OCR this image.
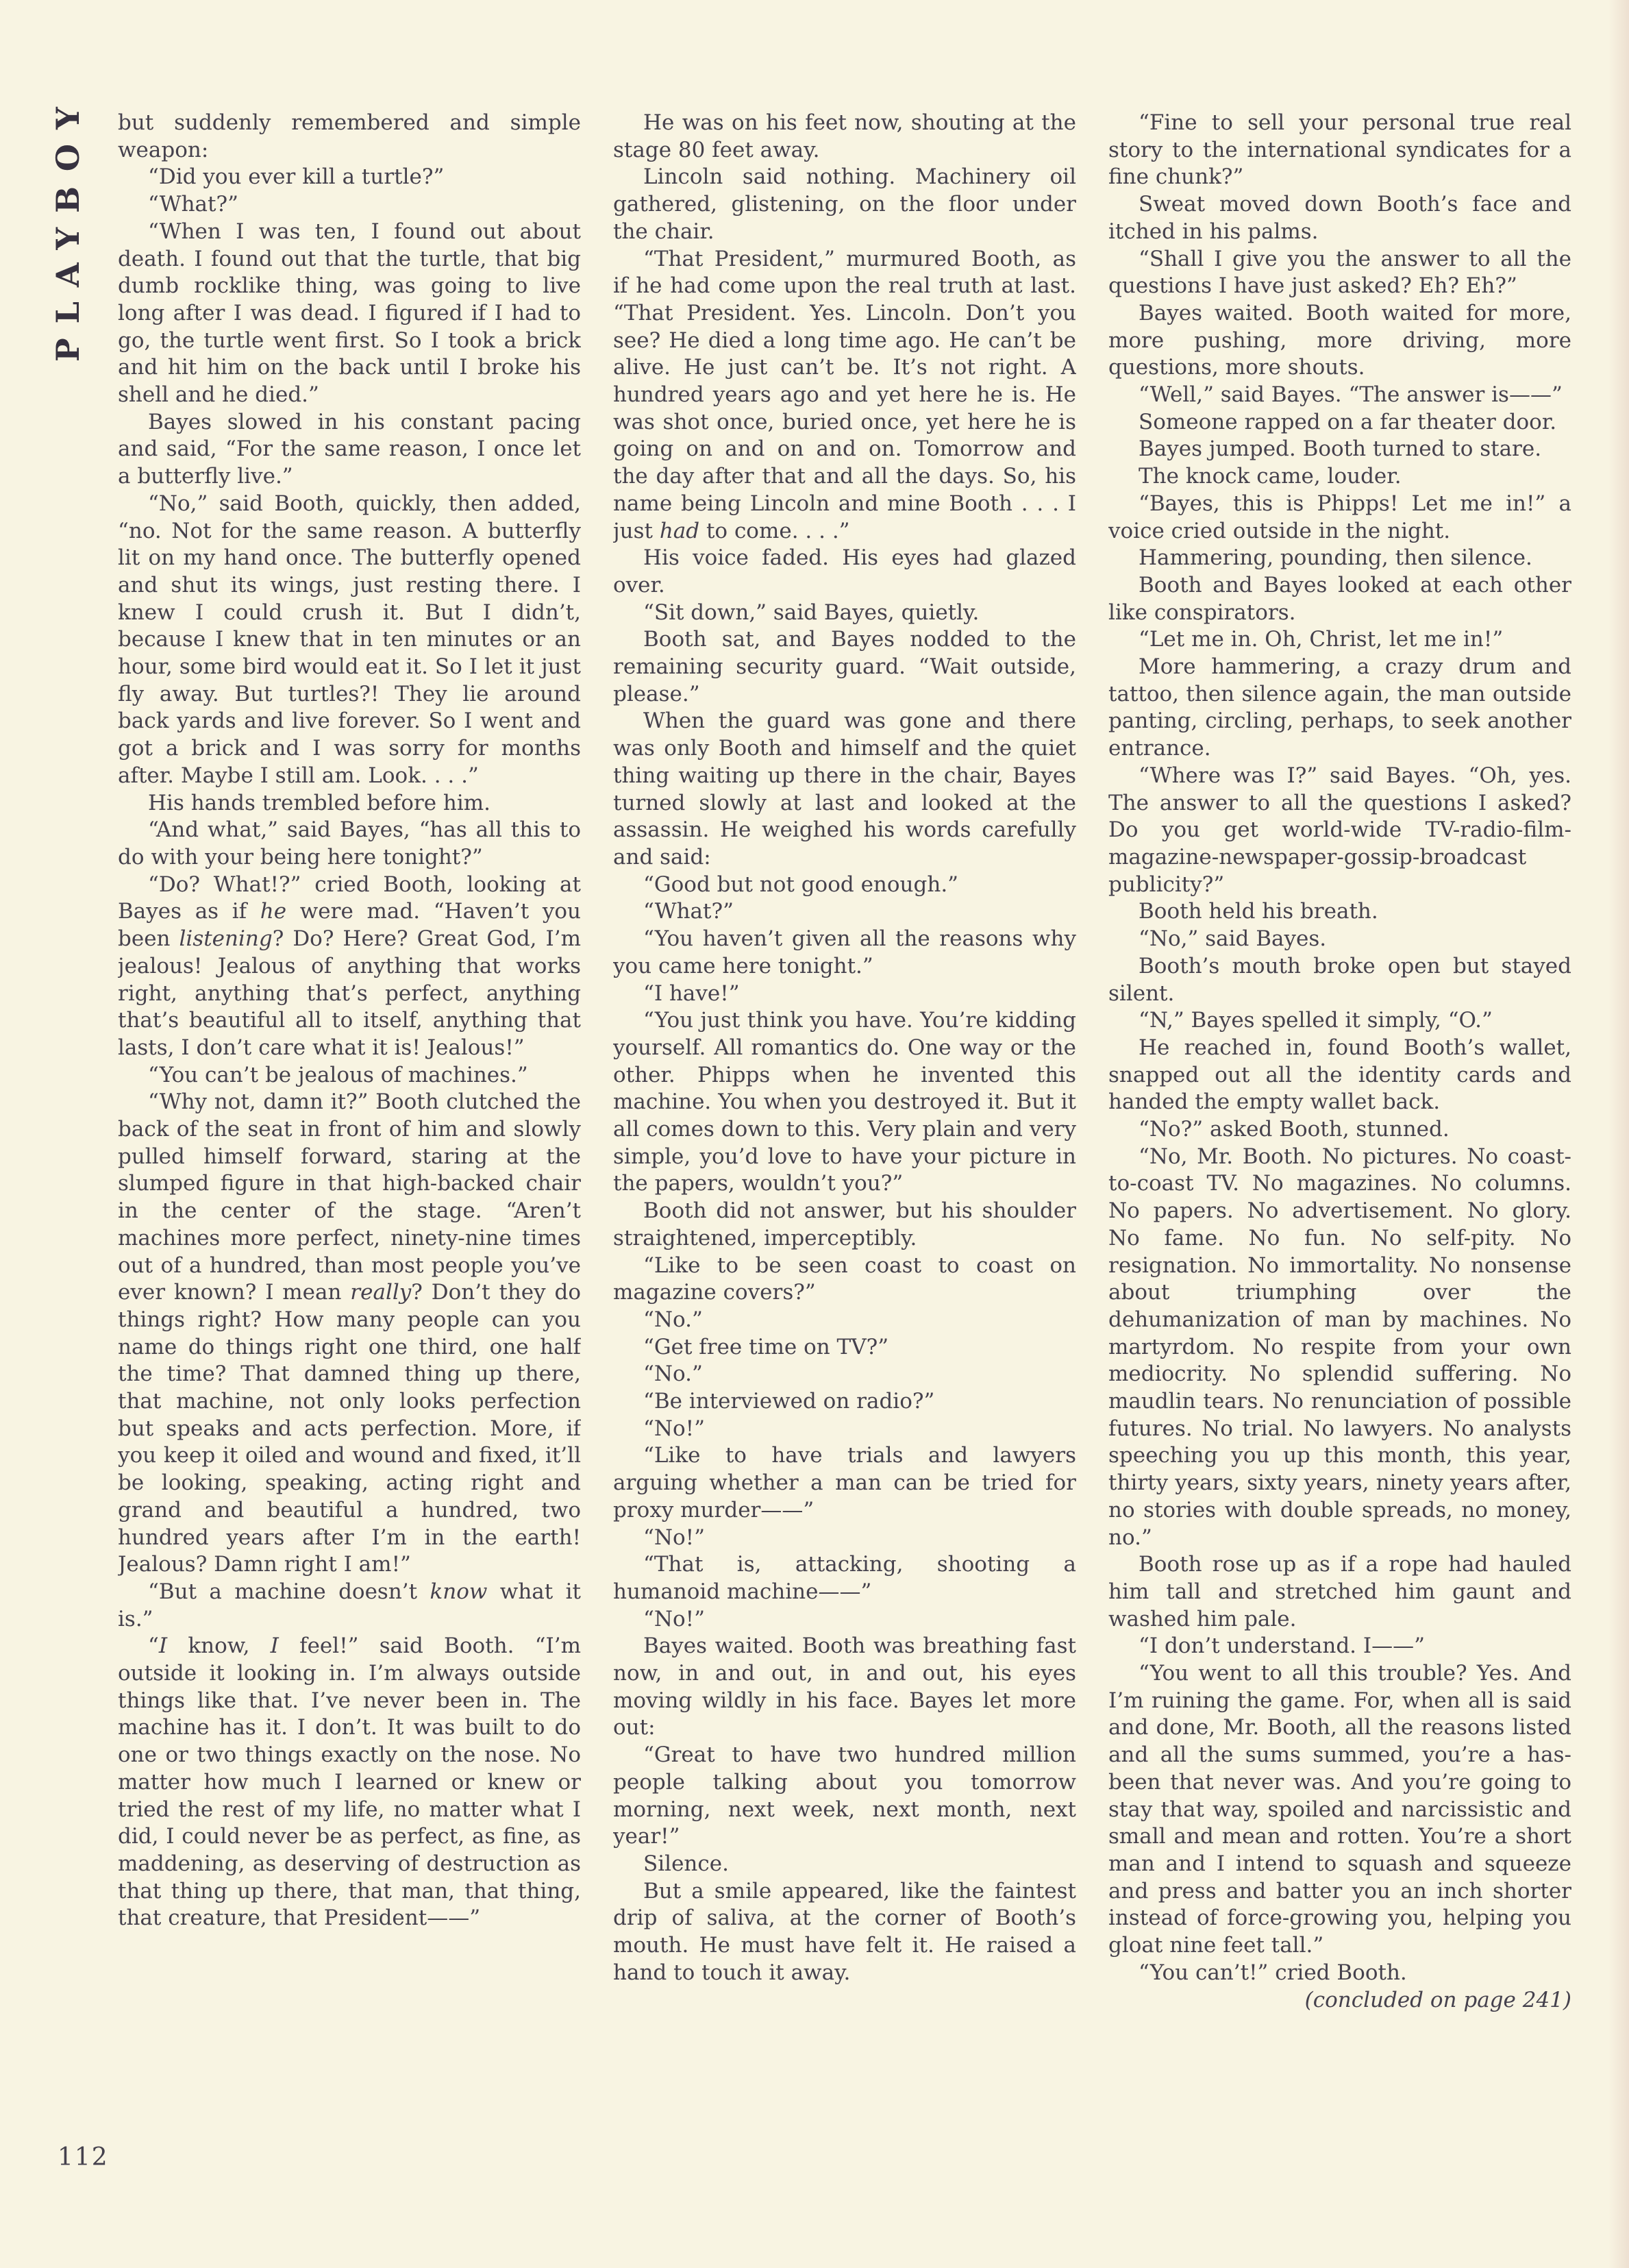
PLAYBOY but suddenly remembered and simple weapon:

“Did you ever kill a turtle?”

“What?”

“When I was ten, I found out about death. I found out that the turtle, that big dumb rocklike thing, was going to live long after I was dead. I figured if I had to go, the turtle went first. So I took a brick and hit him on the back until I broke his shell and he died.”

Bayes slowed in his constant pacing and said, “For the same reason, I once let a butterfly live.”

“No,” said Booth, quickly, then added, “no. Not for the same reason. A butterfly lit on my hand once. The butterfly opened and shut its wings, just resting there. I knew I could crush it. But I didn’t, because I knew that in ten minutes or an hour, some bird would eat it. So I let it just fly away. But turtles?! They lie around back yards and live forever. So I went and got a brick and I was sorry for months after. Maybe I still am. Look. . . .”

His hands trembled before him.

“And what,” said Bayes, “has all this to do with your being here tonight?”

“Do? What!?” cried Booth, looking at Bayes as if he were mad. “Haven’t you been listening? Do? Here? Great God, I’m jealous! Jealous of anything that works right, anything that’s perfect, anything that’s beautiful all to itself, anything that lasts, I don’t care what it is! Jealous!”

“You can’t be jealous of machines.”

“Why not, damn it?” Booth clutched the back of the seat in front of him and slowly pulled himself forward, staring at the slumped figure in that high-backed chair in the center of the stage. “Aren’t machines more perfect, ninety-nine times out of a hundred, than most people you’ve ever known? I mean really? Don’t they do things right? How many people can you name do things right one third, one half the time? That damned thing up there, that machine, not only looks perfection but speaks and acts perfection. More, if you keep it oiled and wound and fixed, it’ll be looking, speaking, acting right and grand and beautiful a hundred, two hundred years after I’m in the earth! Jealous? Damn right I am!”

“But a machine doesn’t know what it is.”

“I know, I feel!” said Booth. “I’m outside it looking in. I’m always outside things like that. I’ve never been in. The machine has it. I don’t. It was built to do one or two things exactly on the nose. No matter how much I learned or knew or tried the rest of my life, no matter what I did, I could never be as perfect, as fine, as maddening, as deserving of destruction as that thing up there, that man, that thing, that creature, that President——”

He was on his feet now, shouting at the stage 80 feet away.

Lincoln said nothing. Machinery oil gathered, glistening, on the floor under the chair.

“That President,” murmured Booth, as if he had come upon the real truth at last. “That President. Yes. Lincoln. Don’t you see? He died a long time ago. He can’t be alive. He just can’t be. It’s not right. A hundred years ago and yet here he is. He was shot once, buried once, yet here he is going on and on and on. Tomorrow and the day after that and all the days. So, his name being Lincoln and mine Booth . . . I just had to come. . . .”

His voice faded. His eyes had glazed over.

“Sit down,” said Bayes, quietly.

Booth sat, and Bayes nodded to the remaining security guard. “Wait outside, please.”

When the guard was gone and there was only Booth and himself and the quiet thing waiting up there in the chair, Bayes turned slowly at last and looked at the assassin. He weighed his words carefully and said:

“Good but not good enough.”

“What?”

“You haven’t given all the reasons why you came here tonight.”

“I have!”

“You just think you have. You’re kidding yourself. All romantics do. One way or the other. Phipps when he invented this machine. You when you destroyed it. But it all comes down to this. Very plain and very simple, you’d love to have your picture in the papers, wouldn’t you?”

Booth did not answer, but his shoulder straightened, imperceptibly.

“Like to be seen coast to coast on magazine covers?”

“No.”

“Get free time on TV?”

“No.”

“Be interviewed on radio?”

“No!”

“Like to have trials and lawyers arguing whether a man can be tried for proxy murder——”

“No!”

“That is, attacking, shooting a humanoid machine——”

“No!”

Bayes waited. Booth was breathing fast now, in and out, in and out, his eyes moving wildly in his face. Bayes let more out:

“Great to have two hundred million people talking about you tomorrow morning, next week, next month, next year!”

Silence.

But a smile appeared, like the faintest drip of saliva, at the corner of Booth’s mouth. He must have felt it. He raised a hand to touch it away.

“Fine to sell your personal true real story to the international syndicates for a fine chunk?”

Sweat moved down Booth’s face and itched in his palms.

“Shall I give you the answer to all the questions I have just asked? Eh? Eh?”

Bayes waited. Booth waited for more, more pushing, more driving, more questions, more shouts.

“Well,” said Bayes. “The answer is——”

Someone rapped on a far theater door.

Bayes jumped. Booth turned to stare.

The knock came, louder.

“Bayes, this is Phipps! Let me in!” a voice cried outside in the night.

Hammering, pounding, then silence.

Booth and Bayes looked at each other like conspirators.

“Let me in. Oh, Christ, let me in!”

More hammering, a crazy drum and tattoo, then silence again, the man outside panting, circling, perhaps, to seek another entrance.

“Where was I?” said Bayes. “Oh, yes. The answer to all the questions I asked? Do you get world-wide TV-radio-film-magazine-newspaper-gossip-broadcast publicity?”

Booth held his breath.

“No,” said Bayes.

Booth’s mouth broke open but stayed silent.

“N,” Bayes spelled it simply, “O.”

He reached in, found Booth’s wallet, snapped out all the identity cards and handed the empty wallet back.

“No?” asked Booth, stunned.

“No, Mr. Booth. No pictures. No coast-to-coast TV. No magazines. No columns. No papers. No advertisement. No glory. No fame. No fun. No self-pity. No resignation. No immortality. No nonsense about triumphing over the dehumanization of man by machines. No martyrdom. No respite from your own mediocrity. No splendid suffering. No maudlin tears. No renunciation of possible futures. No trial. No lawyers. No analysts speeching you up this month, this year, thirty years, sixty years, ninety years after, no stories with double spreads, no money, no.”

Booth rose up as if a rope had hauled him tall and stretched him gaunt and washed him pale.

“I don’t understand. I——”

“You went to all this trouble? Yes. And I’m ruining the game. For, when all is said and done, Mr. Booth, all the reasons listed and all the sums summed, you’re a has-been that never was. And you’re going to stay that way, spoiled and narcissistic and small and mean and rotten. You’re a short man and I intend to squash and squeeze and press and batter you an inch shorter instead of force-growing you, helping you gloat nine feet tall.”

“You can’t!” cried Booth.

(concluded on page 241)

112
